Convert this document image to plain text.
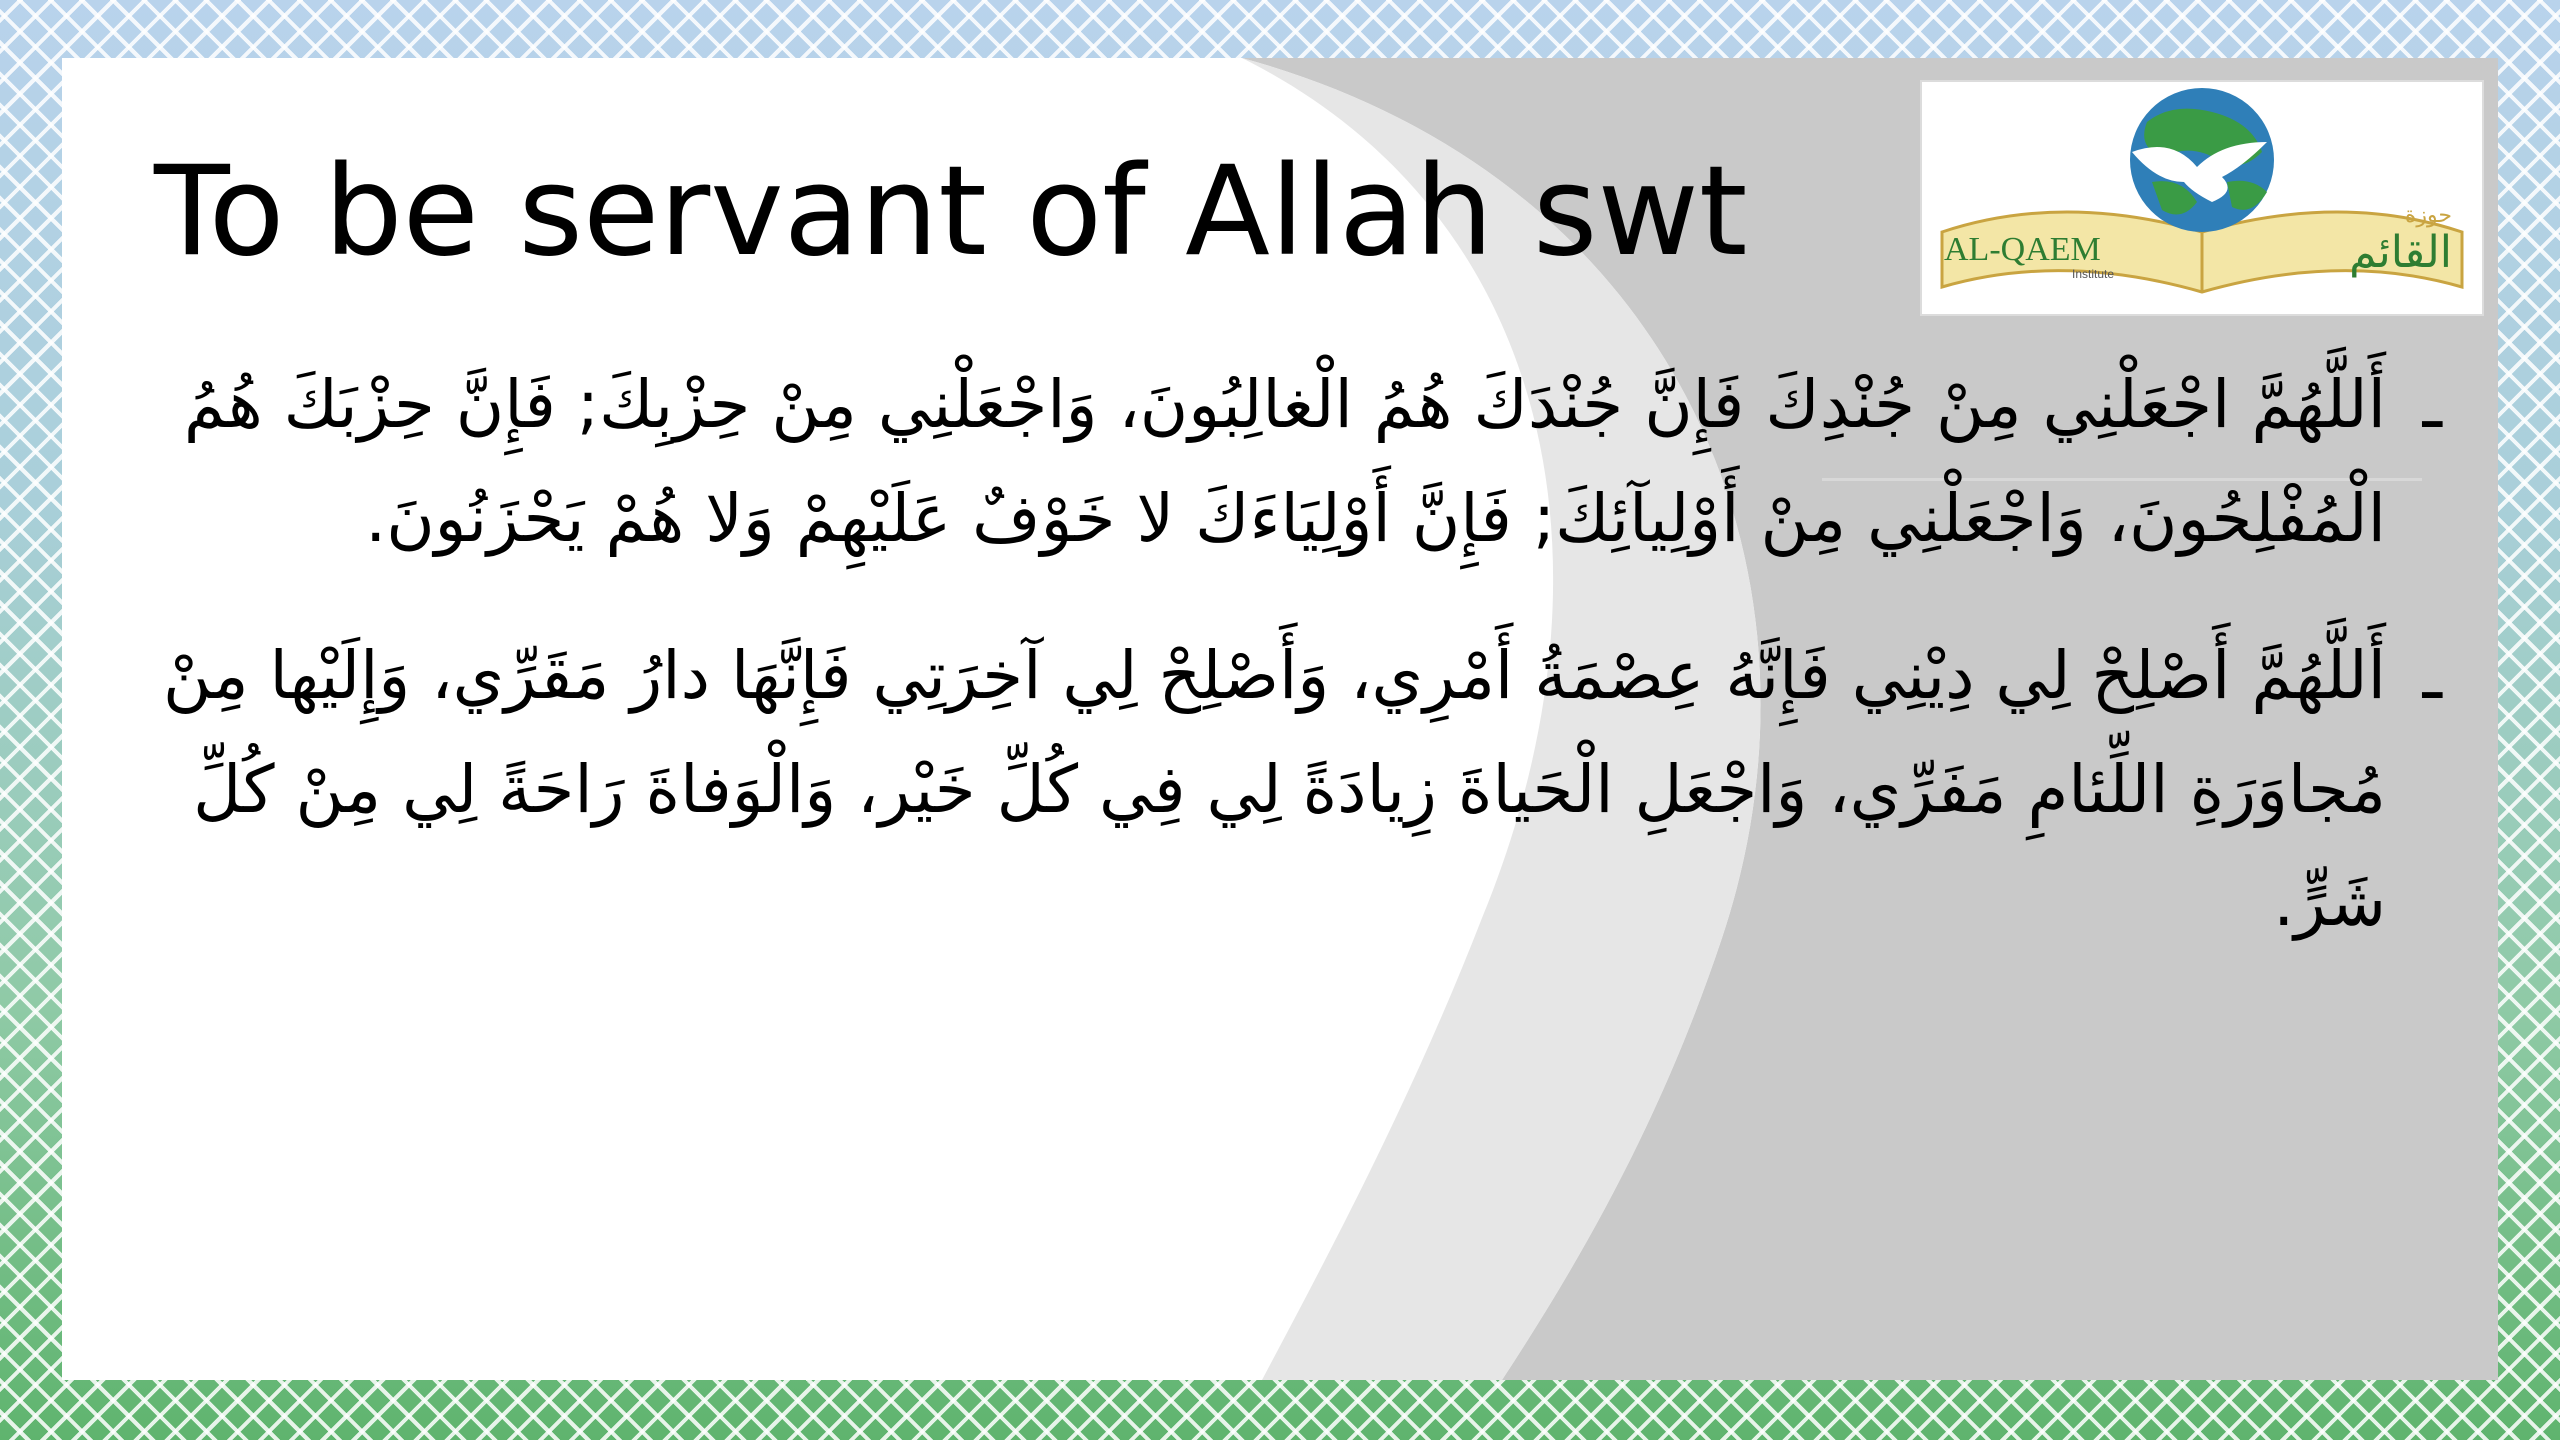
To be servant of Allah swt	AL-QAEM
Institute	القائم
حوزة
ـ
أَللَّهُمَّ اجْعَلْنِي مِنْ جُنْدِكَ فَإِنَّ جُنْدَكَ هُمُ الْغالِبُونَ، وَاجْعَلْنِي مِنْ حِزْبِكَ; فَإِنَّ حِزْبَكَ هُمُ الْمُفْلِحُونَ، وَاجْعَلْنِي مِنْ أَوْلِيآئِكَ; فَإِنَّ أَوْلِيَاءَكَ لا خَوْفٌ عَلَيْهِمْ وَلا هُمْ يَحْزَنُونَ.
ـ
أَللَّهُمَّ أَصْلِحْ لِي دِيْنِي فَإِنَّهُ عِصْمَةُ أَمْرِي، وَأَصْلِحْ لِي آخِرَتِي فَإِنَّهَا دارُ مَقَرِّي، وَإِلَيْها مِنْ مُجاوَرَةِ اللِّئامِ مَفَرِّي، وَاجْعَلِ الْحَياةَ زِيادَةً لِي فِي كُلِّ خَيْر، وَالْوَفاةَ رَاحَةً لِي مِنْ كُلِّ شَرٍّ.
